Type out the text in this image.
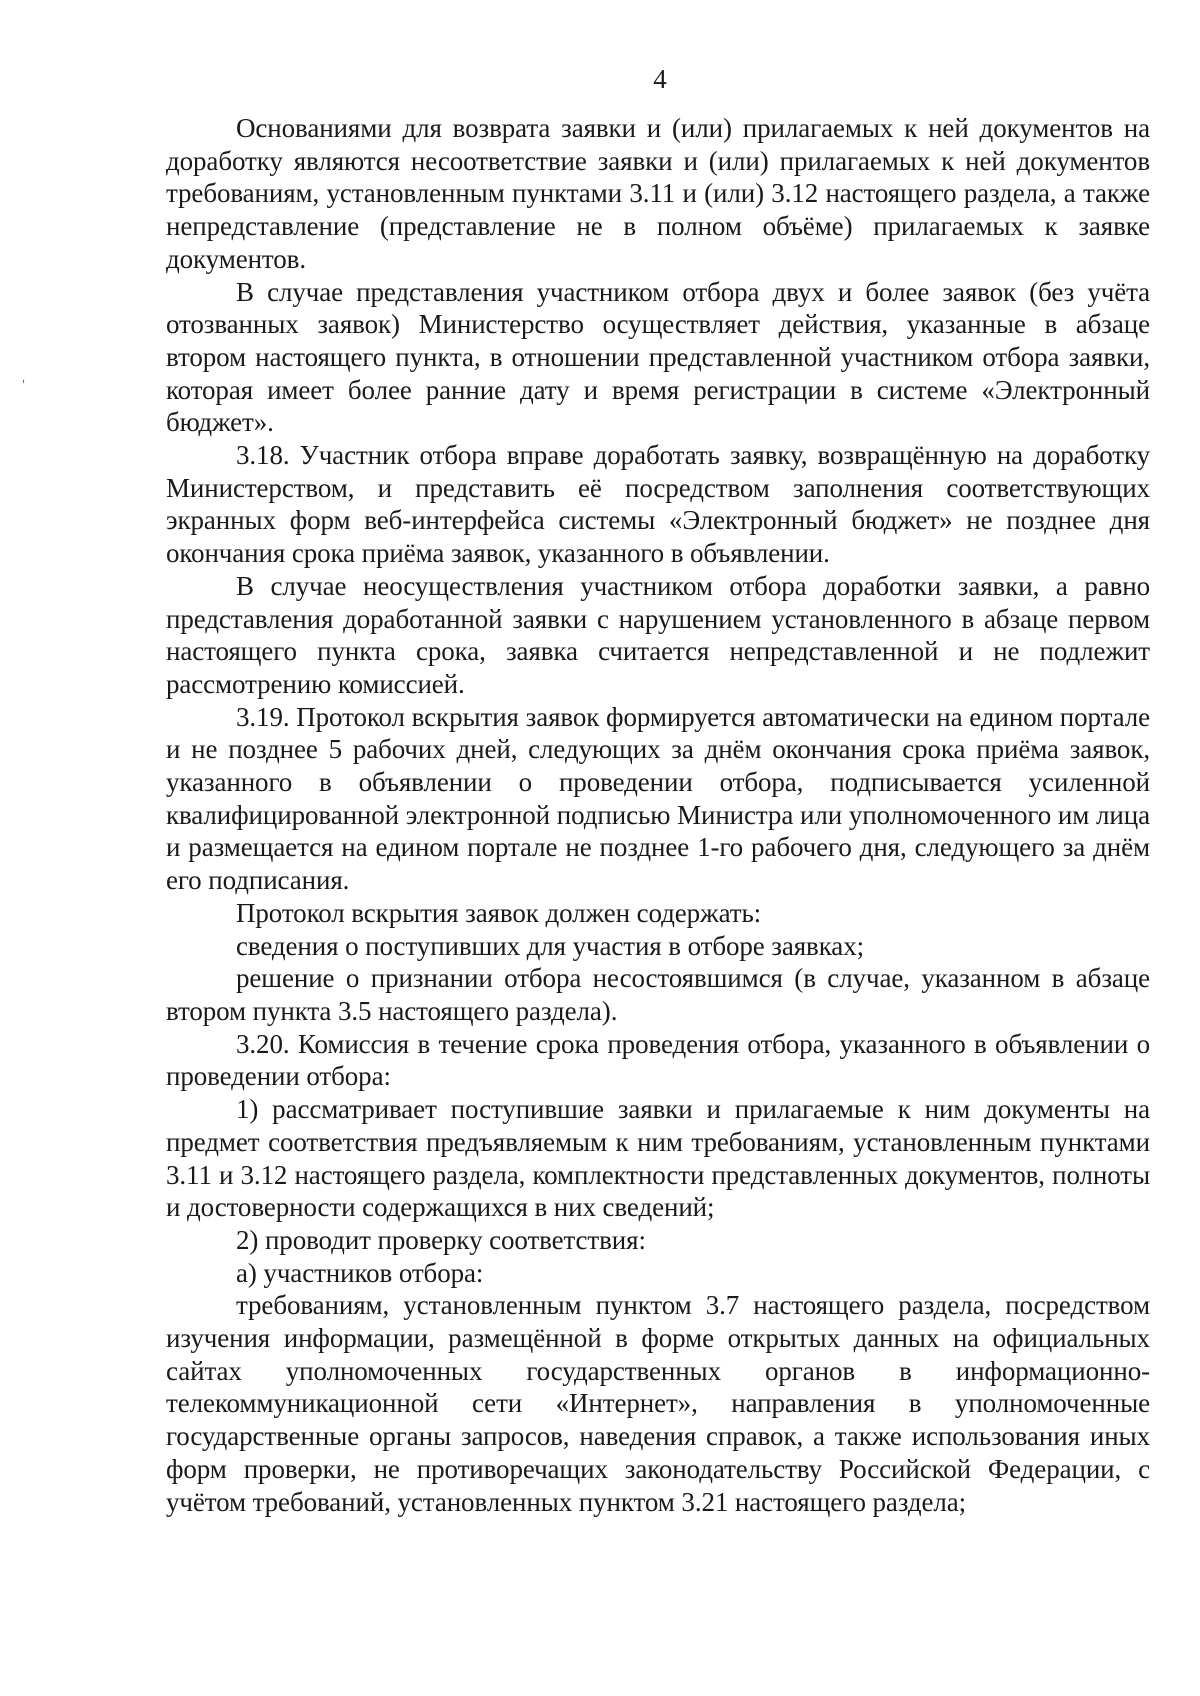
4
ˈ

Основаниями для возврата заявки и (или) прилагаемых к ней документов на доработку являются несоответствие заявки и (или) прилагаемых к ней документов требованиям, установленным пунктами 3.11 и (или) 3.12 настоящего раздела, а также непредставление (представление не в полном объёме) прилагаемых к заявке документов.

В случае представления участником отбора двух и более заявок (без учёта отозванных заявок) Министерство осуществляет действия, указанные в абзаце втором настоящего пункта, в отношении представленной участником отбора заявки, которая имеет более ранние дату и время регистрации в системе «Электронный бюджет».

3.18. Участник отбора вправе доработать заявку, возвращённую на доработку Министерством, и представить её посредством заполнения соответствующих экранных форм веб-интерфейса системы «Электронный бюджет» не позднее дня окончания срока приёма заявок, указанного в объявлении.

В случае неосуществления участником отбора доработки заявки, а равно представления доработанной заявки с нарушением установленного в абзаце первом настоящего пункта срока, заявка считается непредставленной и не подлежит рассмотрению комиссией.

3.19. Протокол вскрытия заявок формируется автоматически на едином портале и не позднее 5 рабочих дней, следующих за днём окончания срока приёма заявок, указанного в объявлении о проведении отбора, подписывается усиленной квалифицированной электронной подписью Министра или уполномоченного им лица и размещается на едином портале не позднее 1-го рабочего дня, следующего за днём его подписания.

Протокол вскрытия заявок должен содержать:

сведения о поступивших для участия в отборе заявках;

решение о признании отбора несостоявшимся (в случае, указанном в абзаце втором пункта 3.5 настоящего раздела).

3.20. Комиссия в течение срока проведения отбора, указанного в объявлении о проведении отбора:

1) рассматривает поступившие заявки и прилагаемые к ним документы на предмет соответствия предъявляемым к ним требованиям, установленным пунктами 3.11 и 3.12 настоящего раздела, комплектности представленных документов, полноты и достоверности содержащихся в них сведений;

2) проводит проверку соответствия:

а) участников отбора:

требованиям, установленным пунктом 3.7 настоящего раздела, посредством изучения информации, размещённой в форме открытых данных на официальных сайтах уполномоченных государственных органов в информационно-телекоммуникационной сети «Интернет», направления в уполномоченные государственные органы запросов, наведения справок, а также использования иных форм проверки, не противоречащих законодательству Российской Федерации, с учётом требований, установленных пунктом 3.21 настоящего раздела;
